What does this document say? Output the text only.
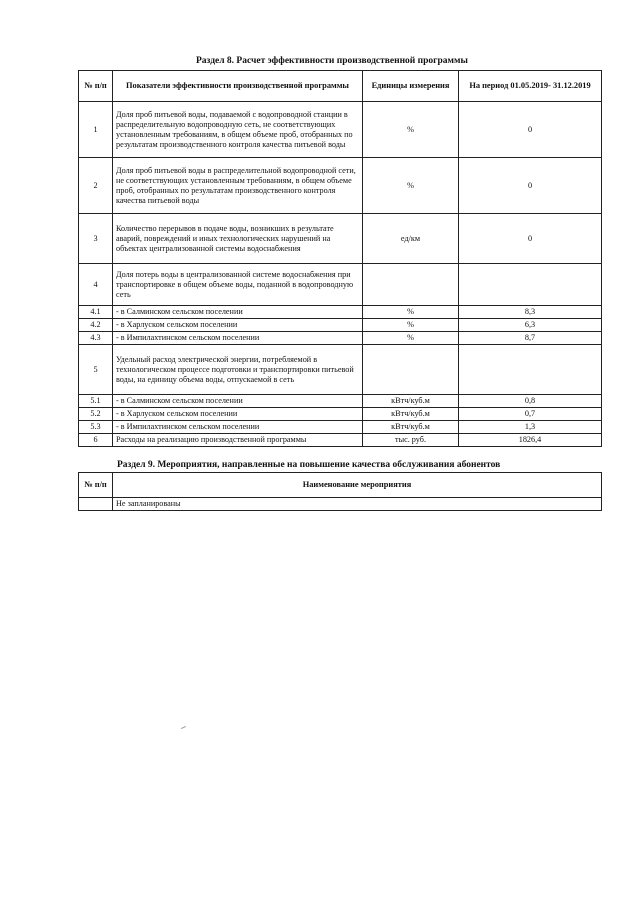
Раздел 8. Расчет эффективности производственной программы
№ п/п	Показатели эффективности производственной программы	Единицы измерения	На период 01.05.2019- 31.12.2019
1	Доля проб питьевой воды, подаваемой с водопроводной станции в распределительную водопроводную сеть, не соответствующих установленным требованиям, в общем объеме проб, отобранных по результатам производственного контроля качества питьевой воды	%	0
2	Доля проб питьевой воды в распределительной водопроводной сети, не соответствующих установленным требованиям, в общем объеме проб, отобранных по результатам производственного контроля качества питьевой воды	%	0
3	Количество перерывов в подаче воды, возникших в результате аварий, повреждений и иных технологических нарушений на объектах централизованной системы водоснабжения	ед/км	0
4	Доля потерь воды в централизованной системе водоснабжения при транспортировке в общем объеме воды, поданной в водопроводную сеть		
4.1	- в Салминском сельском поселении	%	8,3
4.2	- в Харлуском сельском поселении	%	6,3
4.3	- в Импилахтинском сельском поселении	%	8,7
5	Удельный расход электрической энергии, потребляемой в технологическом процессе подготовки и транспортировки питьевой воды, на единицу объема воды, отпускаемой в сеть		
5.1	- в Салминском сельском поселении	кВтч/куб.м	0,8
5.2	- в Харлуском сельском поселении	кВтч/куб.м	0,7
5.3	- в Импилахтинском сельском поселении	кВтч/куб.м	1,3
6	Расходы на реализацию производственной программы	тыс. руб.	1826,4
Раздел 9. Мероприятия, направленные на повышение качества обслуживания абонентов
№ п/п	Наименование мероприятия
	Не запланированы
